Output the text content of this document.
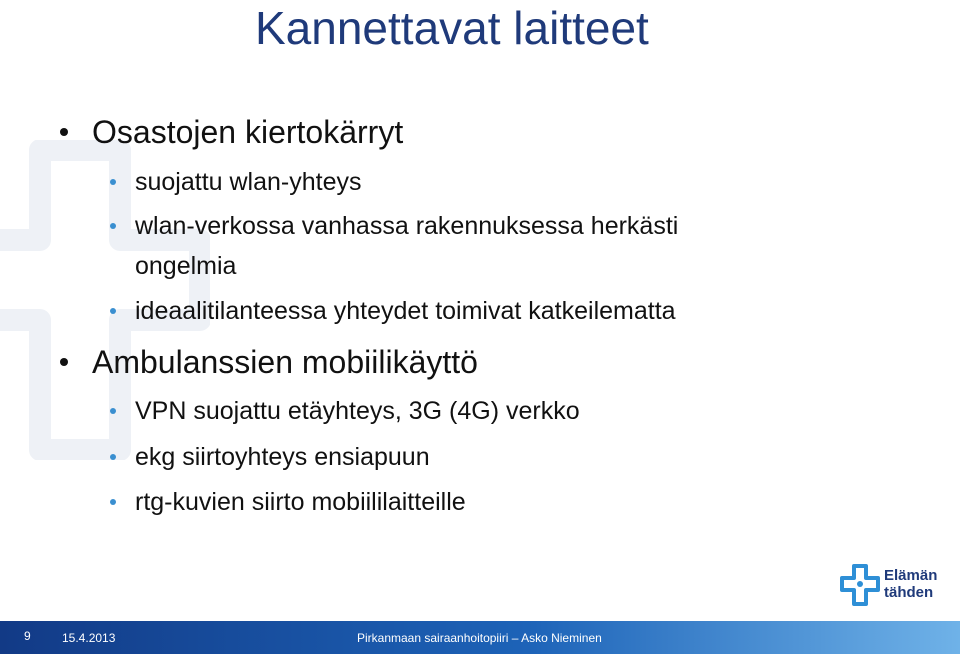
Kannettavat laitteet
Osastojen kiertokärryt
suojattu wlan-yhteys
wlan-verkossa vanhassa rakennuksessa herkästi
ongelmia
ideaalitilanteessa yhteydet toimivat katkeilematta
Ambulanssien mobiilikäyttö
VPN suojattu etäyhteys, 3G (4G) verkko
ekg siirtoyhteys ensiapuun
rtg-kuvien siirto mobiililaitteille
Elämän
tähden
9	15.4.2013	Pirkanmaan sairaanhoitopiiri – Asko Nieminen
